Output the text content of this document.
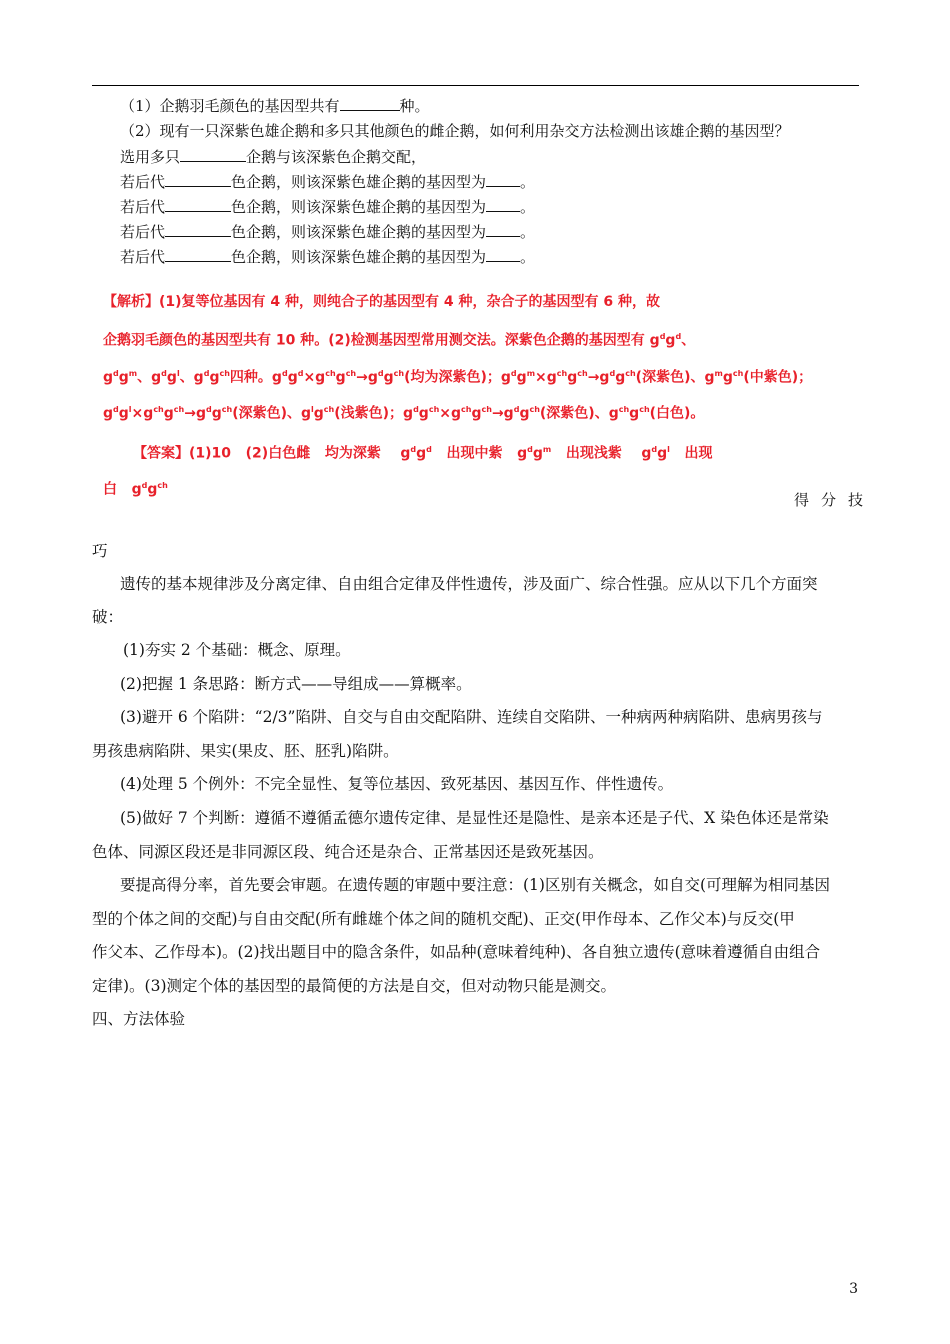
（1）企鹅羽毛颜色的基因型共有	种。
（2）现有一只深紫色雄企鹅和多只其他颜色的雌企鹅，如何利用杂交方法检测出该雄企鹅的基因型？
选用多只	企鹅与该深紫色企鹅交配，
若后代	色企鹅，则该深紫色雄企鹅的基因型为 。
若后代	色企鹅，则该深紫色雄企鹅的基因型为 。
若后代	色企鹅，则该深紫色雄企鹅的基因型为 。
若后代	色企鹅，则该深紫色雄企鹅的基因型为 。
【解析】(1)复等位基因有 4 种，则纯合子的基因型有 4 种，杂合子的基因型有 6 种，故
企鹅羽毛颜色的基因型共有 10 种。(2)检测基因型常用测交法。深紫色企鹅的基因型有 $g^dg^d$、
$g^dg^m$、$g^dg^l$、$g^dg^{ch}$四种。$g^dg^d\times g^{ch}g^{ch}\to g^dg^{ch}$(均为深紫色)；$g^dg^m\times g^{ch}g^{ch}\to g^dg^{ch}$(深紫色)、$g^mg^{ch}$(中紫色)；
$g^dg^l\times g^{ch}g^{ch}\to g^dg^{ch}$(深紫色)、$g^lg^{ch}$(浅紫色)；$g^dg^{ch}\times g^{ch}g^{ch}\to g^dg^{ch}$(深紫色)、$g^{ch}g^{ch}$(白色)。
【答案】(1)10 (2)白色雌 均为深紫    $g^dg^d$ 出现中紫   $g^dg^m$ 出现浅紫    $g^dg^l$ 出现
白   $g^dg^{ch}$
得分技
巧
遗传的基本规律涉及分离定律、自由组合定律及伴性遗传，涉及面广、综合性强。应从以下几个方面突
破：
(1)夯实 2 个基础：概念、原理。
(2)把握 1 条思路：断方式——导组成——算概率。
(3)避开 6 个陷阱：“2/3”陷阱、自交与自由交配陷阱、连续自交陷阱、一种病两种病陷阱、患病男孩与
男孩患病陷阱、果实(果皮、胚、胚乳)陷阱。
(4)处理 5 个例外：不完全显性、复等位基因、致死基因、基因互作、伴性遗传。
(5)做好 7 个判断：遵循不遵循孟德尔遗传定律、是显性还是隐性、是亲本还是子代、X 染色体还是常染
色体、同源区段还是非同源区段、纯合还是杂合、正常基因还是致死基因。
要提高得分率，首先要会审题。在遗传题的审题中要注意：(1)区别有关概念，如自交(可理解为相同基因
型的个体之间的交配)与自由交配(所有雌雄个体之间的随机交配)、正交(甲作母本、乙作父本)与反交(甲
作父本、乙作母本)。(2)找出题目中的隐含条件，如品种(意味着纯种)、各自独立遗传(意味着遵循自由组合
定律)。(3)测定个体的基因型的最简便的方法是自交，但对动物只能是测交。
四、方法体验
3
